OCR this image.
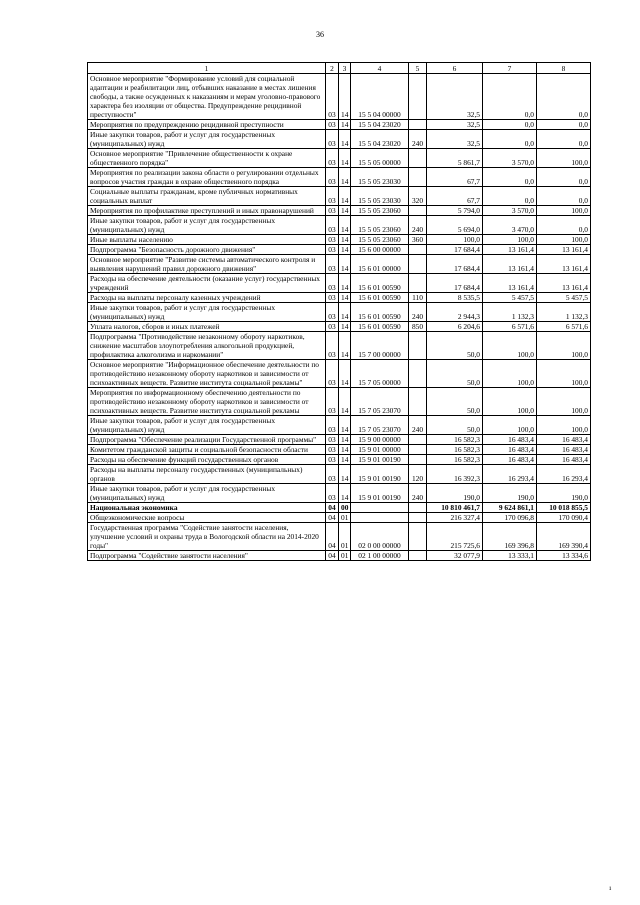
36
1	2	3	4	5	6	7	8
Основное мероприятие "Формирование условий для социальной адаптации и реабилитации лиц, отбывших наказание в местах лишения свободы, а также осужденных к наказаниям и мерам уголовно-правового характера без изоляции от общества. Предупреждение рецидивной преступности"	03	14	15 5 04 00000		32,5	0,0	0,0
Мероприятия по предупреждению рецидивной преступности	03	14	15 5 04 23020		32,5	0,0	0,0
Иные закупки товаров, работ и услуг для государственных (муниципальных) нужд	03	14	15 5 04 23020	240	32,5	0,0	0,0
Основное мероприятие "Привлечение общественности к охране общественного порядка"	03	14	15 5 05 00000		5 861,7	3 570,0	100,0
Мероприятия по реализации закона области о регулировании отдельных вопросов участия граждан в охране общественного порядка	03	14	15 5 05 23030		67,7	0,0	0,0
Социальные выплаты гражданам, кроме публичных нормативных социальных выплат	03	14	15 5 05 23030	320	67,7	0,0	0,0
Мероприятия по профилактике преступлений и иных правонарушений	03	14	15 5 05 23060		5 794,0	3 570,0	100,0
Иные закупки товаров, работ и услуг для государственных (муниципальных) нужд	03	14	15 5 05 23060	240	5 694,0	3 470,0	0,0
Иные выплаты населению	03	14	15 5 05 23060	360	100,0	100,0	100,0
Подпрограмма "Безопасность дорожного движения"	03	14	15 6 00 00000		17 684,4	13 161,4	13 161,4
Основное мероприятие "Развитие системы автоматического контроля и выявления нарушений правил дорожного движения"	03	14	15 6 01 00000		17 684,4	13 161,4	13 161,4
Расходы на обеспечение деятельности (оказание услуг) государственных учреждений	03	14	15 6 01 00590		17 684,4	13 161,4	13 161,4
Расходы на выплаты персоналу казенных учреждений	03	14	15 6 01 00590	110	8 535,5	5 457,5	5 457,5
Иные закупки товаров, работ и услуг для государственных (муниципальных) нужд	03	14	15 6 01 00590	240	2 944,3	1 132,3	1 132,3
Уплата налогов, сборов и иных платежей	03	14	15 6 01 00590	850	6 204,6	6 571,6	6 571,6
Подпрограмма "Противодействие незаконному обороту наркотиков, снижение масштабов злоупотребления алкогольной продукцией, профилактика алкоголизма и наркомании"	03	14	15 7 00 00000		50,0	100,0	100,0
Основное мероприятие "Информационное обеспечение деятельности по противодействию незаконному обороту наркотиков и зависимости от психоактивных веществ. Развитие института социальной рекламы"	03	14	15 7 05 00000		50,0	100,0	100,0
Мероприятия по информационному обеспечению деятельности по противодействию незаконному обороту наркотиков и зависимости от психоактивных веществ. Развитие института социальной рекламы	03	14	15 7 05 23070		50,0	100,0	100,0
Иные закупки товаров, работ и услуг для государственных (муниципальных) нужд	03	14	15 7 05 23070	240	50,0	100,0	100,0
Подпрограмма "Обеспечение реализации Государственной программы"	03	14	15 9 00 00000		16 582,3	16 483,4	16 483,4
Комитетом гражданской защиты и социальной безопасности области	03	14	15 9 01 00000		16 582,3	16 483,4	16 483,4
Расходы на обеспечение функций государственных органов	03	14	15 9 01 00190		16 582,3	16 483,4	16 483,4
Расходы на выплаты персоналу государственных (муниципальных) органов	03	14	15 9 01 00190	120	16 392,3	16 293,4	16 293,4
Иные закупки товаров, работ и услуг для государственных (муниципальных) нужд	03	14	15 9 01 00190	240	190,0	190,0	190,0
Национальная экономика	04	00			10 810 461,7	9 624 861,1	10 018 855,5
Общеэкономические вопросы	04	01			216 327,4	170 096,8	170 090,4
Государственная программа "Содействие занятости населения, улучшение условий и охраны труда в Вологодской области на 2014-2020 годы"	04	01	02 0 00 00000		215 725,6	169 396,8	169 390,4
Подпрограмма "Содействие занятости населения"	04	01	02 1 00 00000		32 077,9	13 333,1	13 334,6
¹
